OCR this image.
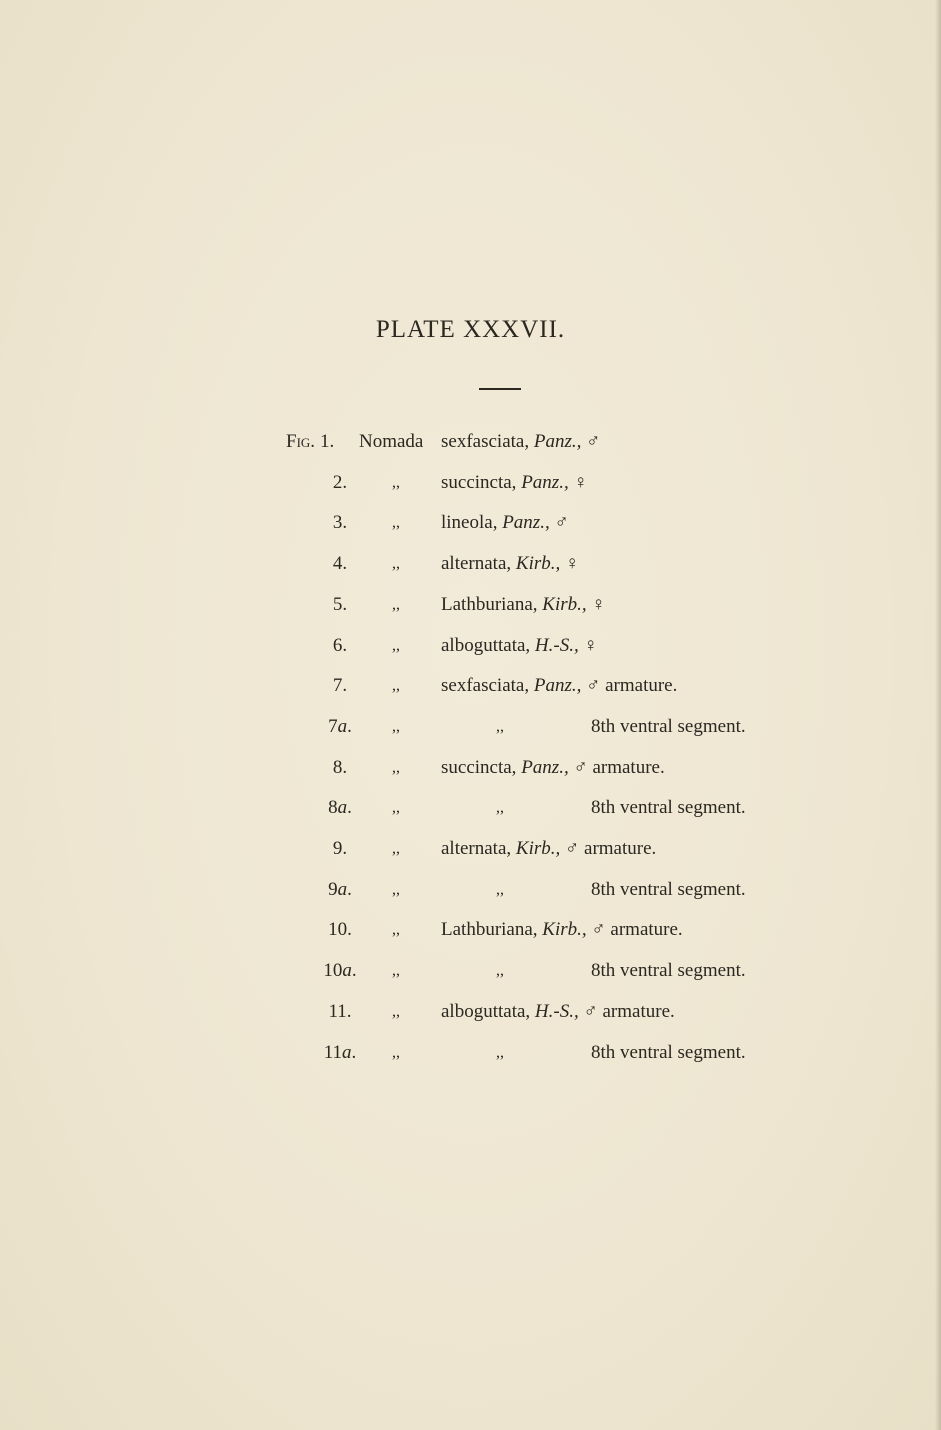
PLATE XXXVII.
Fig. 1.	Nomada sexfasciata, Panz., ♂
2.	,, succincta, Panz., ♀
3.	,, lineola, Panz., ♂
4.	,, alternata, Kirb., ♀
5.	,, Lathburiana, Kirb., ♀
6.	,, alboguttata, H.-S., ♀
7.	,, sexfasciata, Panz., ♂ armature.
7a.	,,	,,	8th ventral segment.
8.	,, succincta, Panz., ♂ armature.
8a.	,,	,,	8th ventral segment.
9.	,, alternata, Kirb., ♂ armature.
9a.	,,	,,	8th ventral segment.
10.	,, Lathburiana, Kirb., ♂ armature.
10a.	,,	,,	8th ventral segment.
11.	,, alboguttata, H.-S., ♂ armature.
11a.	,,	,,	8th ventral segment.
